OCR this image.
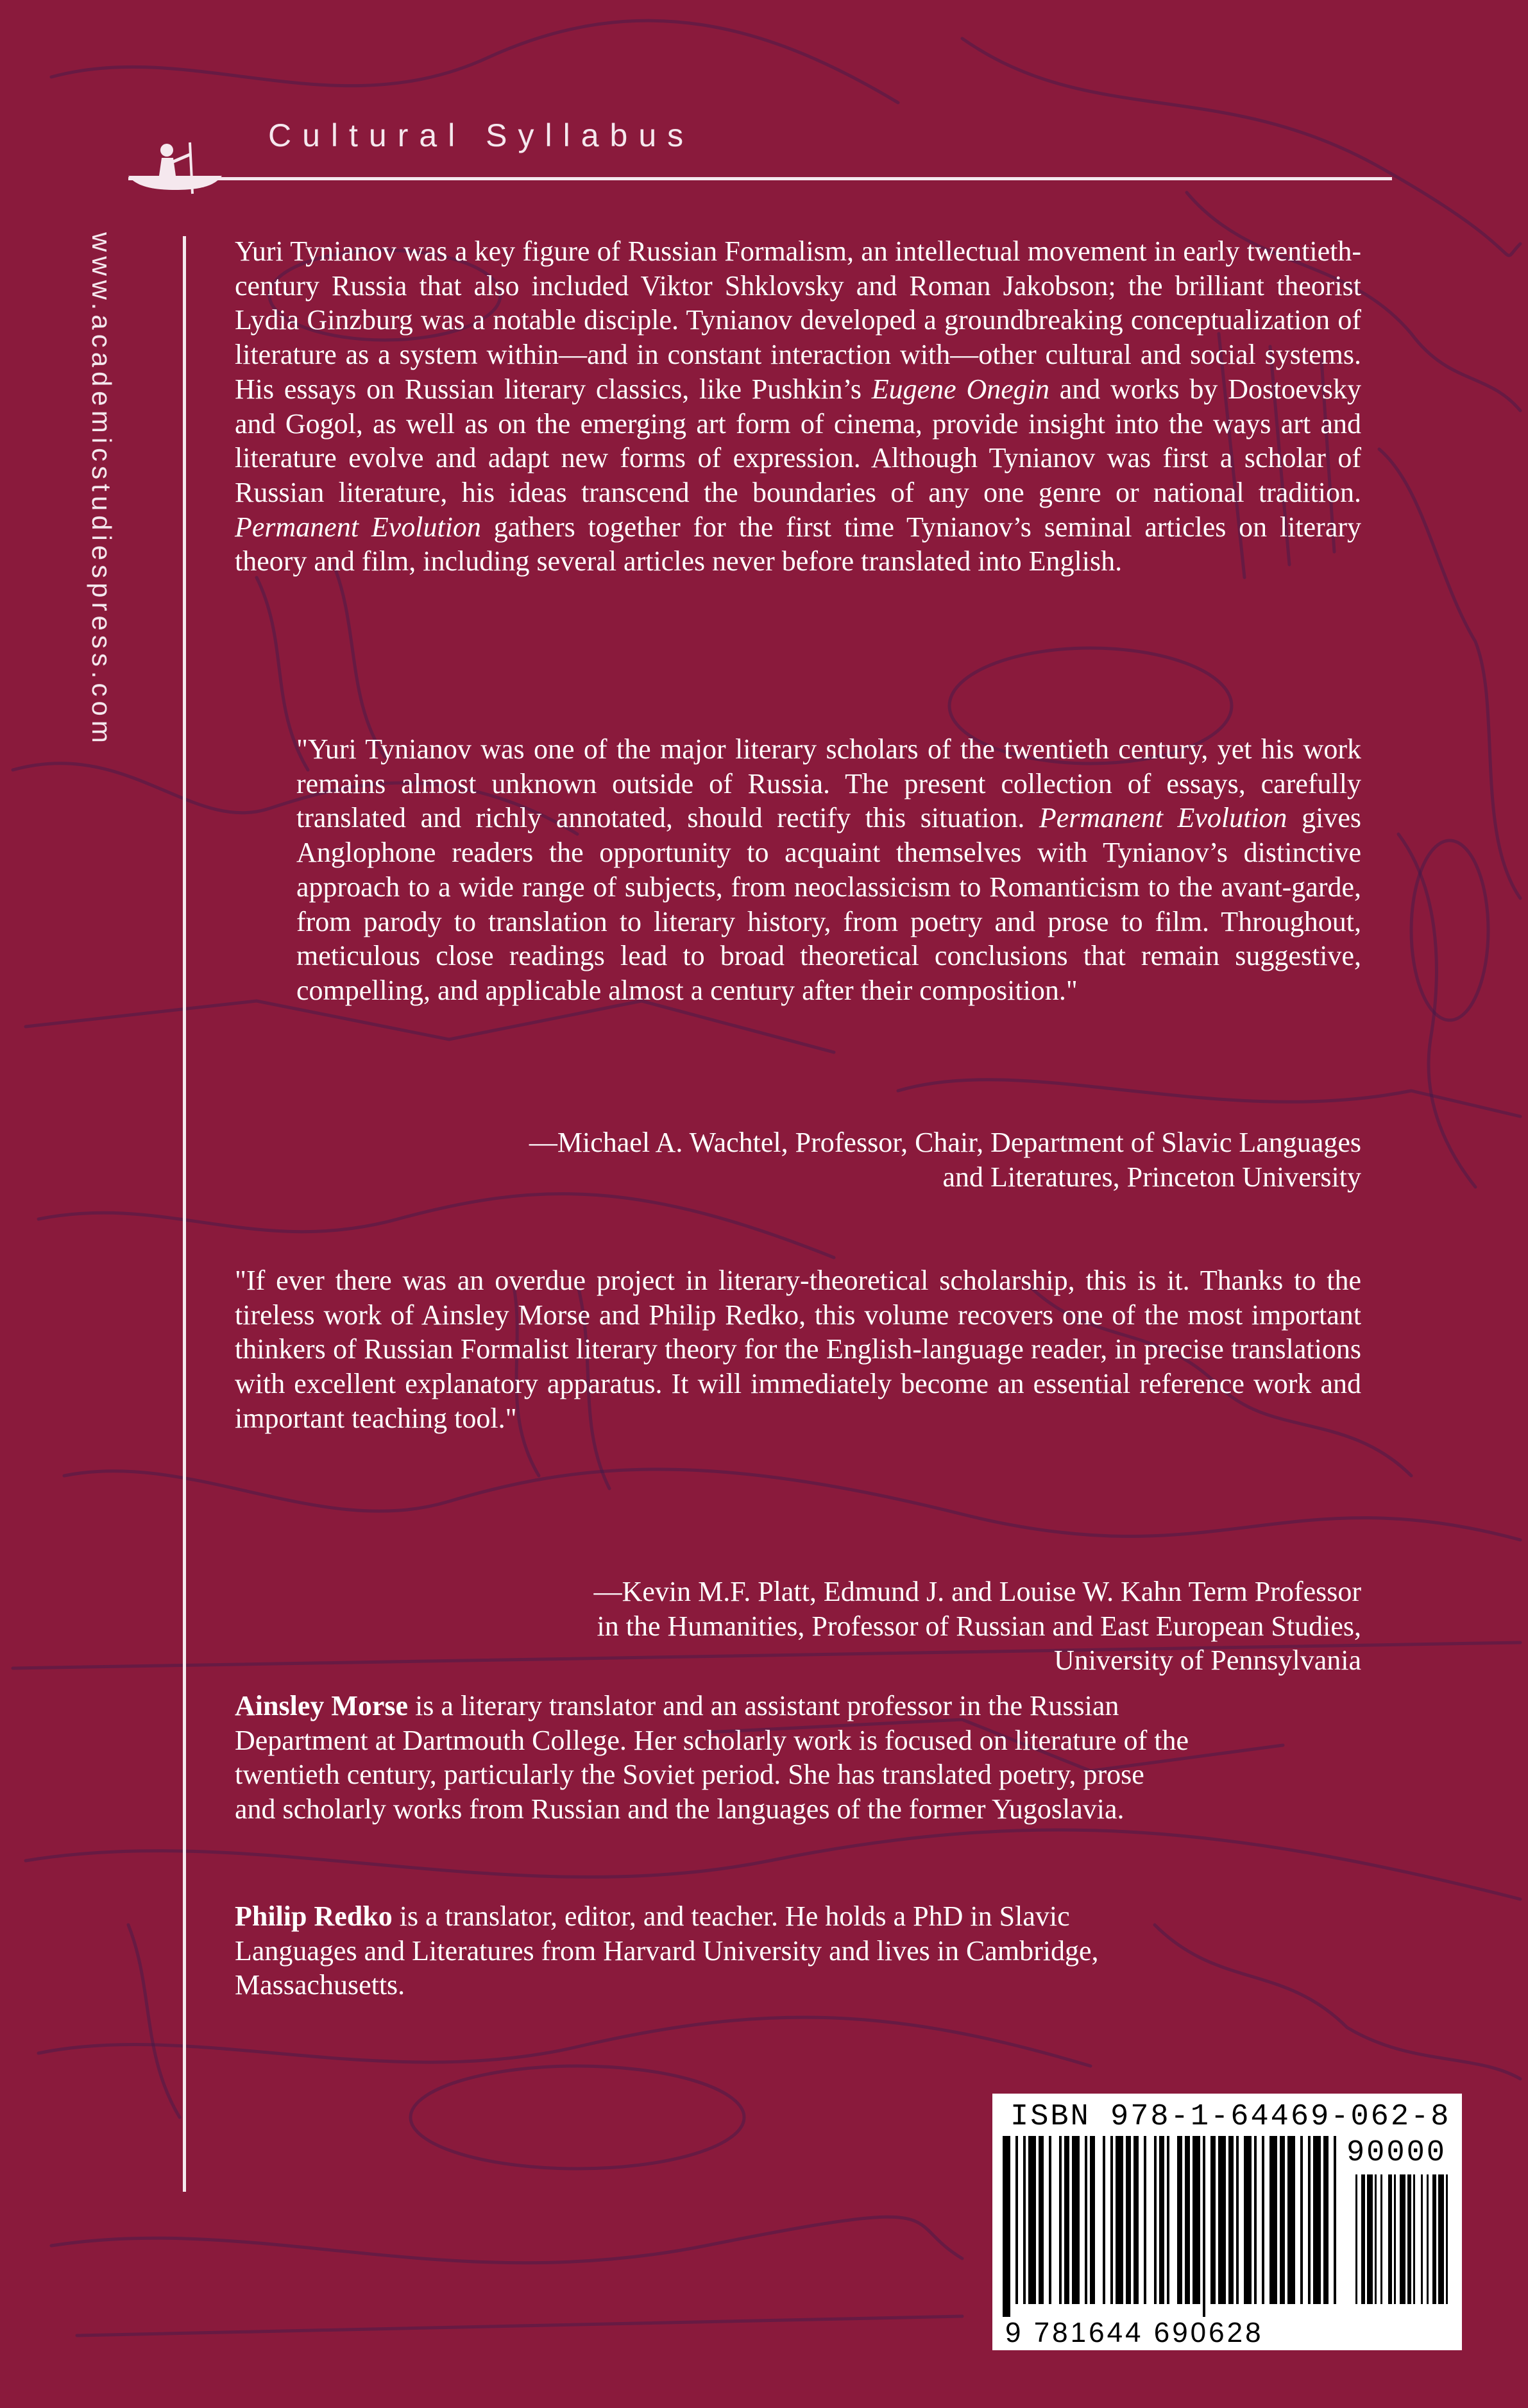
Cultural Syllabus
www.academicstudiespress.com	Yuri Tynianov was a key figure of Russian Formalism, an intellectual movement in early twentieth-century Russia that also included Viktor Shklovsky and Roman Jakobson; the brilliant theorist Lydia Ginzburg was a notable disciple. Tynianov developed a groundbreaking conceptualization of literature as a system within—and in constant interaction with—other cultural and social systems. His essays on Russian literary classics, like Pushkin’s Eugene Onegin and works by Dostoevsky and Gogol, as well as on the emerging art form of cinema, provide insight into the ways art and literature evolve and adapt new forms of expression. Although Tynianov was first a scholar of Russian literature, his ideas transcend the boundaries of any one genre or national tradition. Permanent Evolution gathers together for the first time Tynianov’s seminal articles on literary theory and film, including several articles never before translated into English.

"Yuri Tynianov was one of the major literary scholars of the twentieth century, yet his work remains almost unknown outside of Russia. The present collection of essays, carefully translated and richly annotated, should rectify this situation. Permanent Evolution gives Anglophone readers the opportunity to acquaint themselves with Tynianov’s distinctive approach to a wide range of subjects, from neoclassicism to Romanticism to the avant-garde, from parody to translation to literary history, from poetry and prose to film. Throughout, meticulous close readings lead to broad theoretical conclusions that remain suggestive, compelling, and applicable almost a century after their composition."
—Michael A. Wachtel, Professor, Chair, Department of Slavic Languages
and Literatures, Princeton University
"If ever there was an overdue project in literary-theoretical scholarship, this is it. Thanks to the tireless work of Ainsley Morse and Philip Redko, this volume recovers one of the most important thinkers of Russian Formalist literary theory for the English-language reader, in precise translations with excellent explanatory apparatus. It will immediately become an essential reference work and important teaching tool."
—Kevin M.F. Platt, Edmund J. and Louise W. Kahn Term Professor
in the Humanities, Professor of Russian and East European Studies,
University of Pennsylvania
Ainsley Morse is a literary translator and an assistant professor in the Russian Department at Dartmouth College. Her scholarly work is focused on literature of the twentieth century, particularly the Soviet period. She has translated poetry, prose and scholarly works from Russian and the languages of the former Yugoslavia.
Philip Redko is a translator, editor, and teacher. He holds a PhD in Slavic Languages and Literatures from Harvard University and lives in Cambridge, Massachusetts.
ISBN 978-1-64469-062-8
90000
9 781644 690628
